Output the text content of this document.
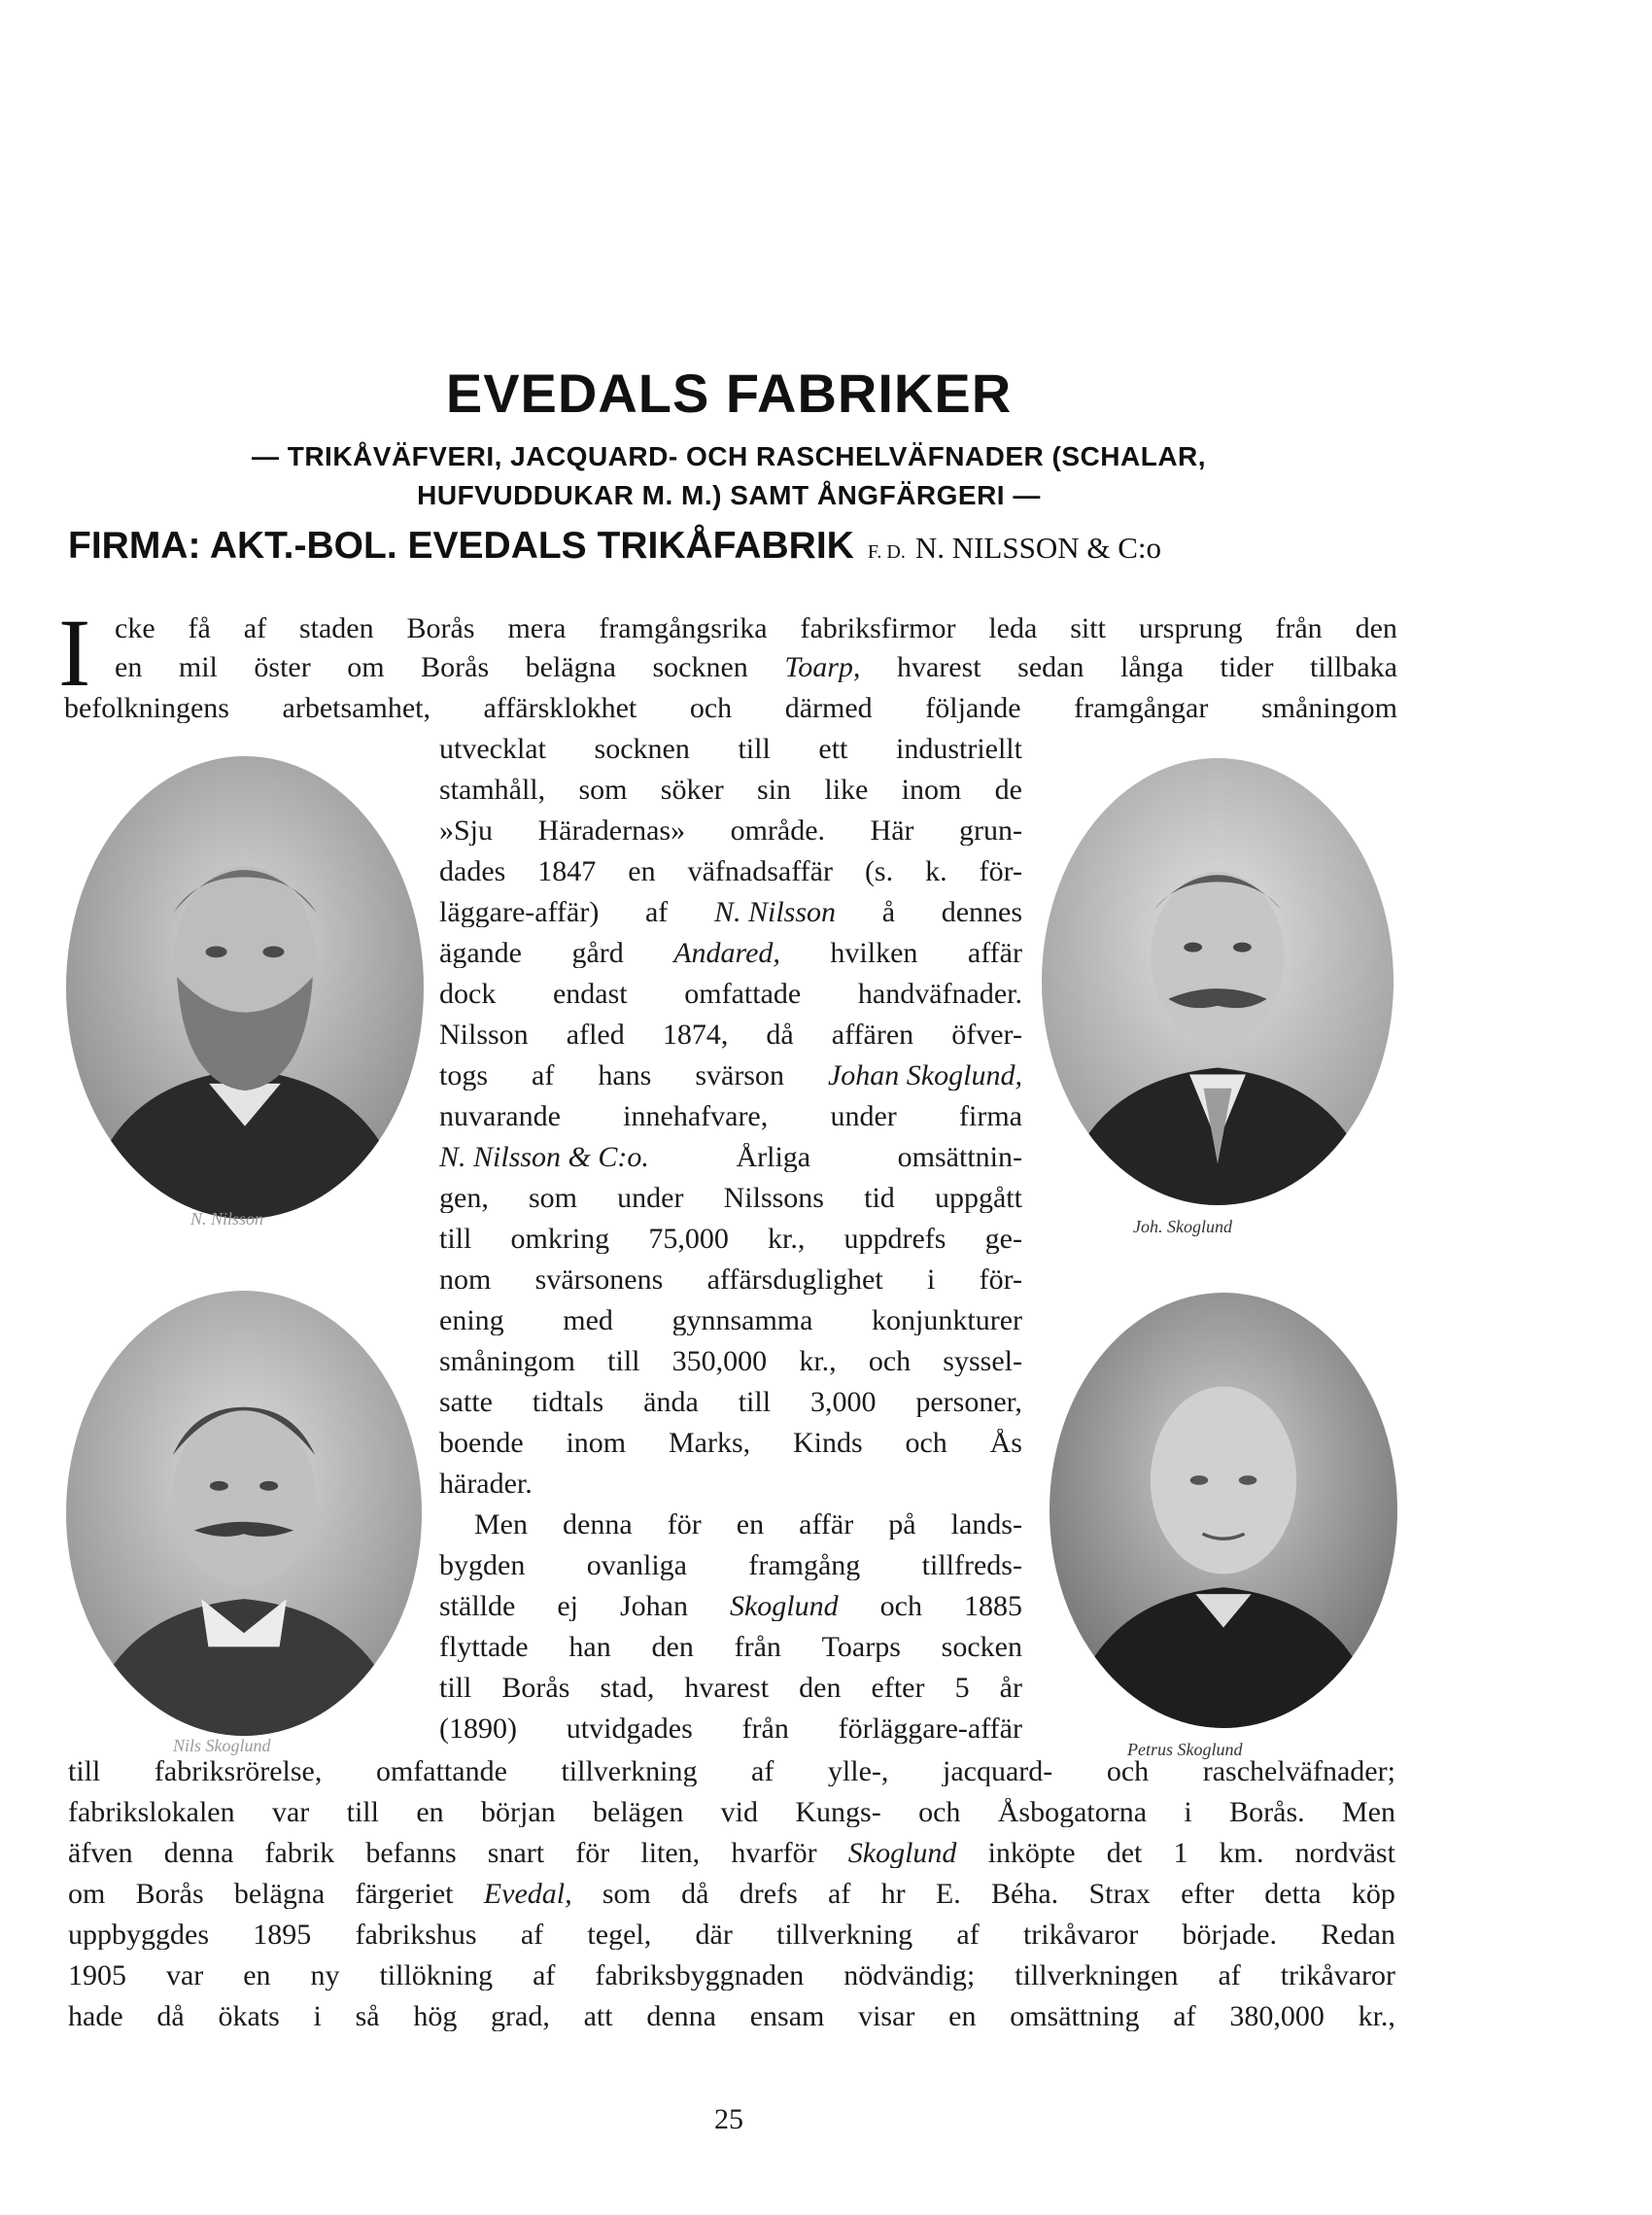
EVEDALS FABRIKER
— TRIKÅVÄFVERI, JACQUARD- OCH RASCHELVÄFNADER (SCHALAR,
HUFVUDDUKAR M. M.) SAMT ÅNGFÄRGERI —
FIRMA: AKT.-BOL. EVEDALS TRIKÅFABRIK F. D. N. NILSSON & C:o
I cke få af staden Borås mera framgångsrika fabriksfirmor leda sitt ursprung från den
en mil öster om Borås belägna socknen Toarp, hvarest sedan långa tider tillbaka
befolkningens arbetsamhet, affärsklokhet och därmed följande framgångar småningom
utvecklat socknen till ett industriellt
stamhåll, som söker sin like inom de
»Sju Häradernas» område. Här grun-
dades 1847 en väfnadsaffär (s. k. för-
läggare-affär) af N. Nilsson å dennes
ägande gård Andared, hvilken affär
dock endast omfattade handväfnader.
Nilsson afled 1874, då affären öfver-
togs af hans svärson Johan Skoglund,
nuvarande innehafvare, under firma
N. Nilsson & C:o.	Årliga	omsättnin-
gen, som under Nilssons tid uppgått
till omkring 75,000 kr., uppdrefs ge-
nom svärsonens affärsduglighet i för-
ening med gynnsamma konjunkturer
småningom till 350,000 kr., och syssel-
satte tidtals ända till 3,000 personer,
boende inom Marks, Kinds och Ås
härader.
Men denna för en affär på lands-
bygden ovanliga framgång tillfreds-
ställde ej Johan Skoglund och 1885
flyttade han den från Toarps socken
till Borås stad, hvarest den efter 5 år
(1890) utvidgades från förläggare-affär
till fabriksrörelse, omfattande tillverkning af ylle-, jacquard- och raschelväfnader;
fabrikslokalen var till en början belägen vid Kungs- och Åsbogatorna i Borås. Men
äfven denna fabrik befanns snart för liten, hvarför Skoglund inköpte det 1 km. nordväst
om Borås belägna färgeriet Evedal, som då drefs af hr E. Béha. Strax efter detta köp
uppbyggdes 1895 fabrikshus af tegel, där tillverkning af trikåvaror började. Redan
1905 var en ny tillökning af fabriksbyggnaden nödvändig; tillverkningen af trikåvaror
hade då ökats i så hög grad, att denna ensam visar en omsättning af 380,000 kr.,
N. Nilsson	Joh. Skoglund
Nils Skoglund	Petrus Skoglund
25
